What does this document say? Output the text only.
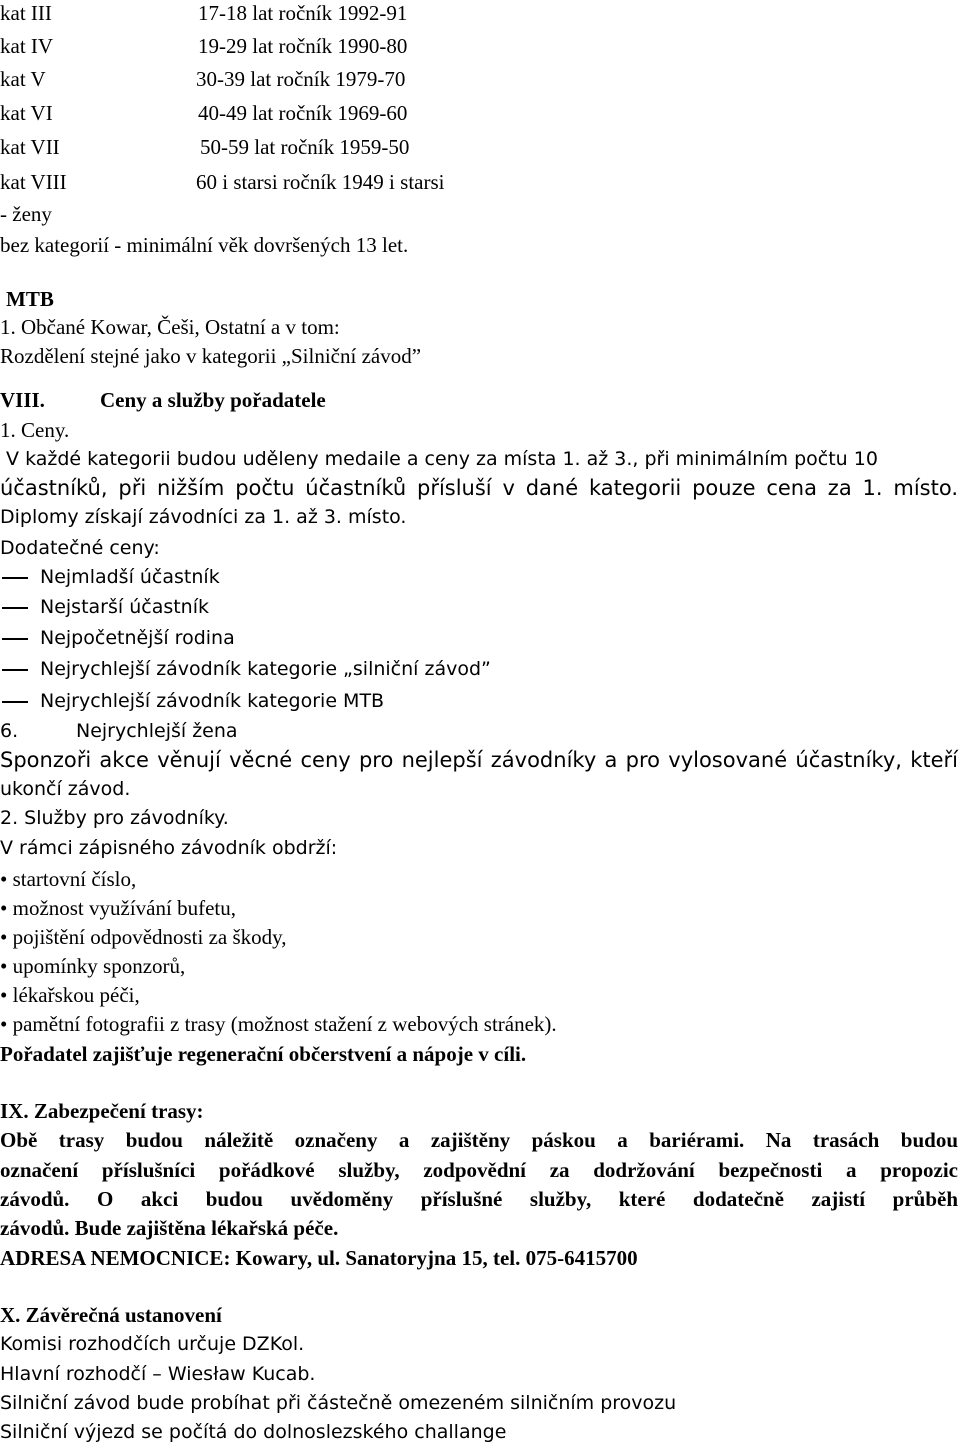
kat III	17-18 lat ročník 1992-91
kat IV	19-29 lat ročník 1990-80
kat V	30-39 lat ročník 1979-70
kat VI	40-49 lat ročník 1969-60
kat VII	50-59 lat ročník 1959-50
kat VIII	60 i starsi ročník 1949 i starsi
- ženy
bez kategorií - minimální věk dovršených 13 let.
MTB
1. Občané Kowar, Češi, Ostatní a v tom:
Rozdělení stejné jako v kategorii „Silniční závod”
VIII.	Ceny a služby pořadatele
1. Ceny.
V každé kategorii budou uděleny medaile a ceny za místa 1. až 3., při minimálním počtu 10
účastníků, při nižším počtu účastníků přísluší v dané kategorii pouze cena za 1. místo.
Diplomy získají závodníci za 1. až 3. místo.
Dodatečné ceny:
Nejmladší účastník
Nejstarší účastník
Nejpočetnější rodina
Nejrychlejší závodník kategorie „silniční závod”
Nejrychlejší závodník kategorie MTB
6.	Nejrychlejší žena
Sponzoři akce věnují věcné ceny pro nejlepší závodníky a pro vylosované účastníky, kteří
ukončí závod.
2. Služby pro závodníky.
V rámci zápisného závodník obdrží:
• startovní číslo,
• možnost využívání bufetu,
• pojištění odpovědnosti za škody,
• upomínky sponzorů,
• lékařskou péči,
• pamětní fotografii z trasy (možnost stažení z webových stránek).
Pořadatel zajišťuje regenerační občerstvení a nápoje v cíli.
IX. Zabezpečení trasy:
Obě trasy budou náležitě označeny a zajištěny páskou a bariérami. Na trasách budou
označení příslušníci pořádkové služby, zodpovědní za dodržování bezpečnosti a propozic
závodů. O akci budou uvědoměny příslušné služby, které dodatečně zajistí průběh
závodů. Bude zajištěna lékařská péče.
ADRESA NEMOCNICE: Kowary, ul. Sanatoryjna 15, tel. 075-6415700
X. Závěrečná ustanovení
Komisi rozhodčích určuje DZKol.
Hlavní rozhodčí – Wiesław Kucab.
Silniční závod bude probíhat při částečně omezeném silničním provozu
Silniční výjezd se počítá do dolnoslezského challange
